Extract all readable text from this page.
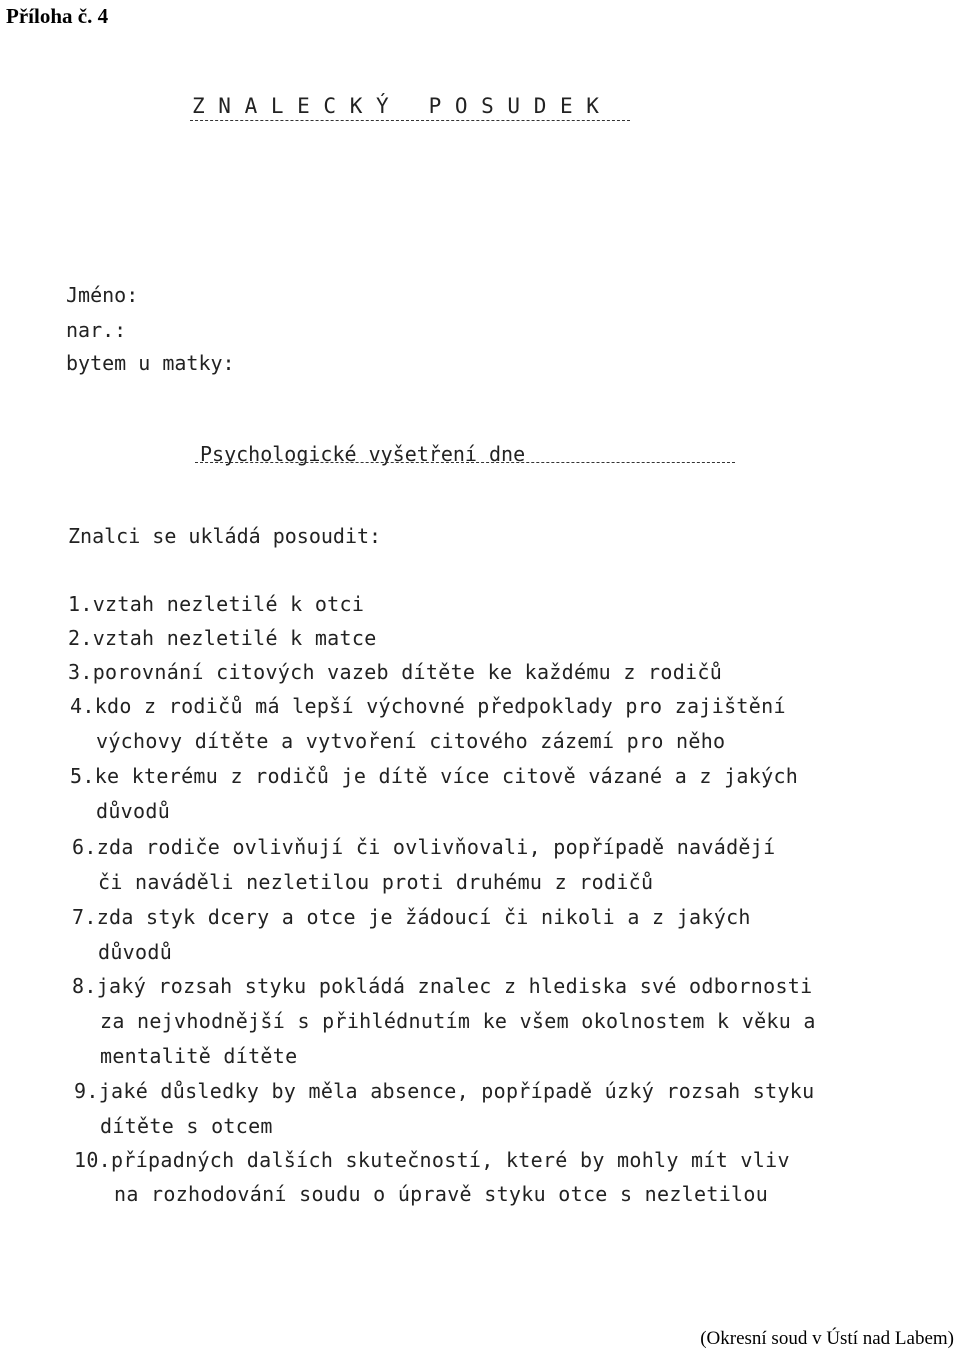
Příloha č. 4
Z N A L E C K Ý   P O S U D E K
Jméno:
nar.:
bytem u matky:
Psychologické vyšetření dne
Znalci se ukládá posoudit:
1.vztah nezletilé k otci
2.vztah nezletilé k matce
3.porovnání citových vazeb dítěte ke každému z rodičů
4.kdo z rodičů má lepší výchovné předpoklady pro zajištění
výchovy dítěte a vytvoření citového zázemí pro něho
5.ke kterému z rodičů je dítě více citově vázané a z jakých
důvodů
6.zda rodiče ovlivňují či ovlivňovali, popřípadě navádějí
či naváděli nezletilou proti druhému z rodičů
7.zda styk dcery a otce je žádoucí či nikoli a z jakých
důvodů
8.jaký rozsah styku pokládá znalec z hlediska své odbornosti
za nejvhodnější s přihlédnutím ke všem okolnostem k věku a
mentalitě dítěte
9.jaké důsledky by měla absence, popřípadě úzký rozsah styku
dítěte s otcem
10.případných dalších skutečností, které by mohly mít vliv
na rozhodování soudu o úpravě styku otce s nezletilou
(Okresní soud v Ústí nad Labem)
